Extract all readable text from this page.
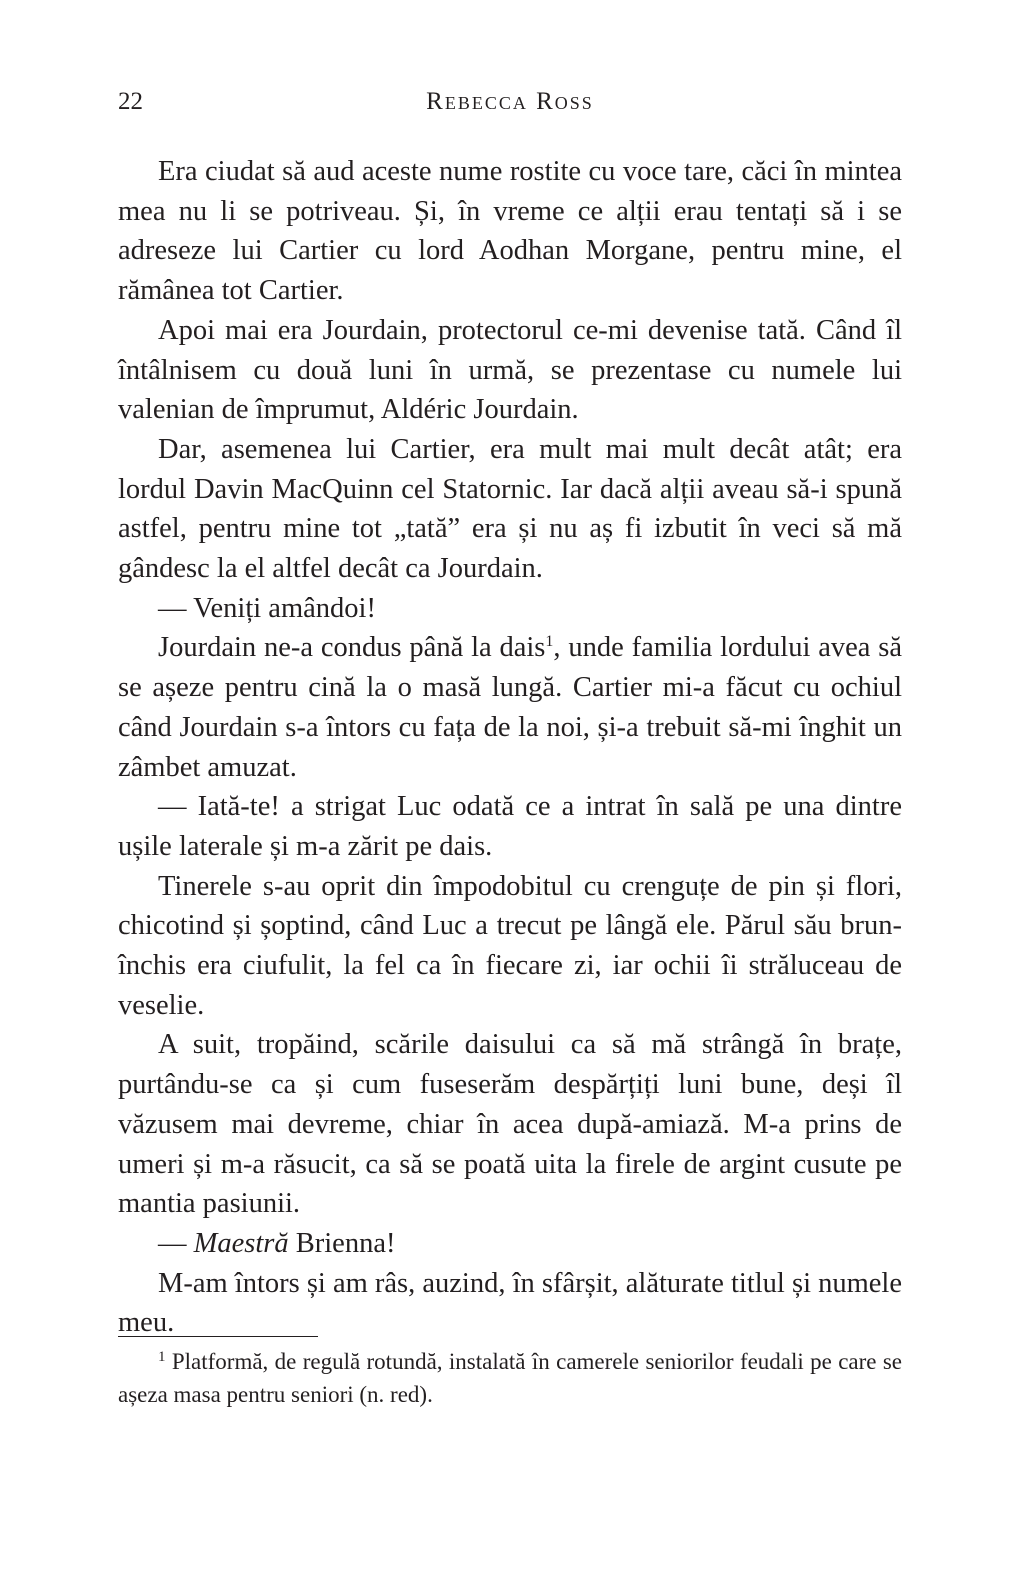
22	Rebecca Ross

Era ciudat să aud aceste nume rostite cu voce tare, căci în mintea mea nu li se potriveau. Și, în vreme ce alții erau tentați să i se adreseze lui Cartier cu lord Aodhan Morgane, pentru mine, el rămânea tot Cartier.

Apoi mai era Jourdain, protectorul ce-mi devenise tată. Când îl întâlnisem cu două luni în urmă, se prezentase cu numele lui valenian de împrumut, Aldéric Jourdain.

Dar, asemenea lui Cartier, era mult mai mult decât atât; era lordul Davin MacQuinn cel Statornic. Iar dacă alții aveau să-i spună astfel, pentru mine tot „tată” era și nu aș fi izbutit în veci să mă gândesc la el altfel decât ca Jourdain.

— Veniți amândoi!

Jourdain ne-a condus până la dais$^1$, unde familia lordului avea să se așeze pentru cină la o masă lungă. Cartier mi-a făcut cu ochiul când Jourdain s-a întors cu fața de la noi, și-a trebuit să-mi înghit un zâmbet amuzat.

— Iată-te! a strigat Luc odată ce a intrat în sală pe una dintre ușile laterale și m-a zărit pe dais.

Tinerele s-au oprit din împodobitul cu crenguțe de pin și flori, chicotind și șoptind, când Luc a trecut pe lângă ele. Părul său brun-închis era ciufulit, la fel ca în fiecare zi, iar ochii îi străluceau de veselie.

A suit, tropăind, scările daisului ca să mă strângă în brațe, purtându-se ca și cum fuseserăm despărțiți luni bune, deși îl văzusem mai devreme, chiar în acea după-amiază. M-a prins de umeri și m-a răsucit, ca să se poată uita la firele de argint cusute pe mantia pasiunii.

— Maestră Brienna!

M-am întors și am râs, auzind, în sfârșit, alăturate titlul și numele meu.

$^1$ Platformă, de regulă rotundă, instalată în camerele seniorilor feudali pe care se așeza masa pentru seniori (n. red).
